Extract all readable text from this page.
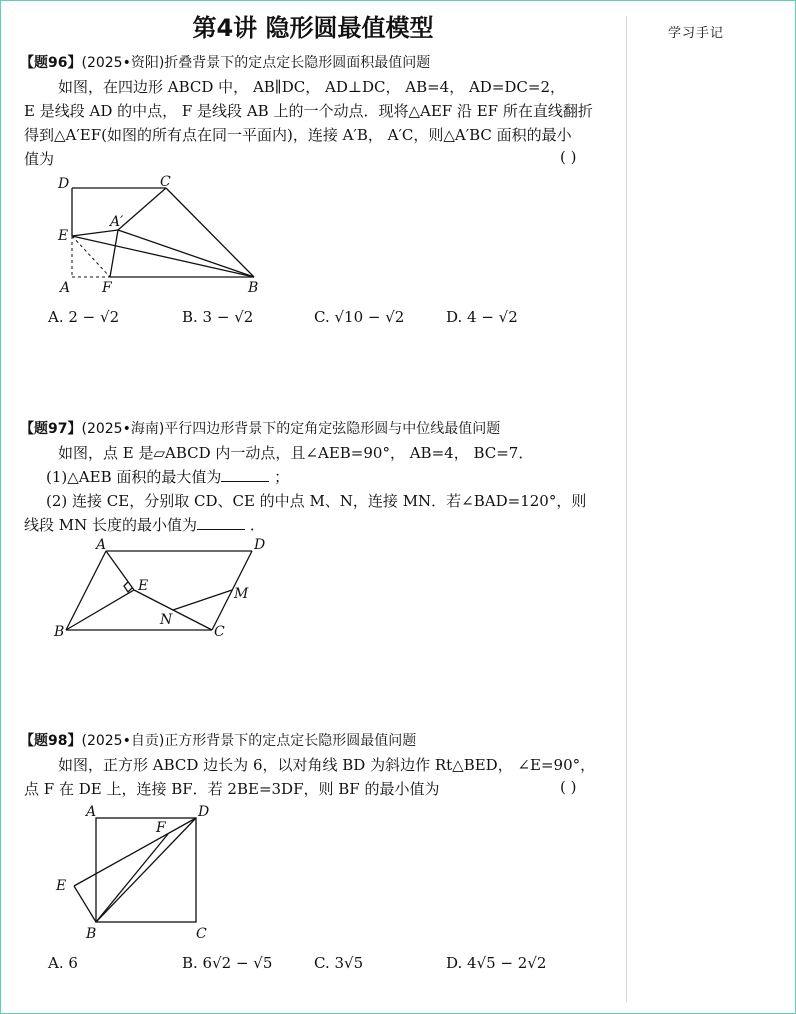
学习手记
第4讲 隐形圆最值模型
【题96】(2025•资阳)折叠背景下的定点定长隐形圆面积最值问题
如图，在四边形 ABCD 中， AB∥DC， AD⊥DC， AB=4， AD=DC=2，
E 是线段 AD 的中点， F 是线段 AB 上的一个动点．现将△AEF 沿 EF 所在直线翻折
得到△A′EF(如图的所有点在同一平面内)，连接 A′B， A′C，则△A′BC 面积的最小
值为	( )
D	C
E
A′
A F	B
A. 2 − √2	B. 3 − √2	C. √10 − √2	D. 4 − √2
【题97】(2025•海南)平行四边形背景下的定角定弦隐形圆与中位线最值问题
如图，点 E 是▱ABCD 内一动点，且∠AEB=90°， AB=4， BC=7．
(1)△AEB 面积的最大值为	；
(2) 连接 CE，分别取 CD、CE 的中点 M、N，连接 MN．若∠BAD=120°，则
线段 MN 长度的最小值为	．
A	D
E	M
N
B	C
【题98】(2025•自贡)正方形背景下的定点定长隐形圆最值问题
如图，正方形 ABCD 边长为 6，以对角线 BD 为斜边作 Rt△BED， ∠E=90°，
点 F 在 DE 上，连接 BF．若 2BE=3DF，则 BF 的最小值为	( )
A
F
D
E
B	C
A. 6	B. 6√2 − √5	C. 3√5	D. 4√5 − 2√2
